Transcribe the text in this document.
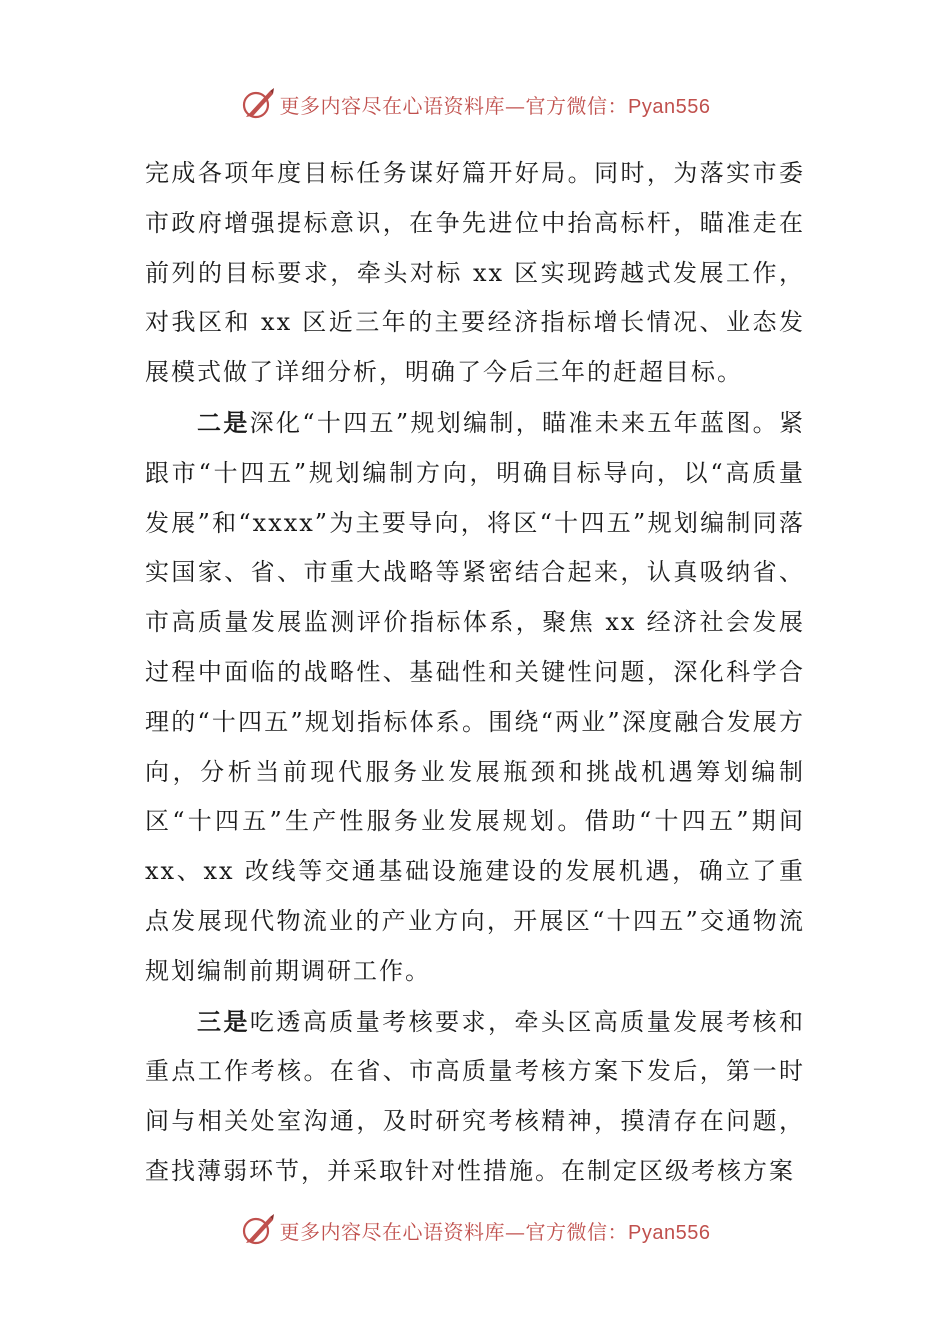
更多内容尽在心语资料库—官方微信：Pyan556

完成各项年度目标任务谋好篇开好局。同时，为落实市委市政府增强提标意识，在争先进位中抬高标杆，瞄准走在前列的目标要求，牵头对标 xx 区实现跨越式发展工作，对我区和 xx 区近三年的主要经济指标增长情况、业态发展模式做了详细分析，明确了今后三年的赶超目标。

二是深化“十四五”规划编制，瞄准未来五年蓝图。紧跟市“十四五”规划编制方向，明确目标导向，以“高质量发展”和“xxxx”为主要导向，将区“十四五”规划编制同落实国家、省、市重大战略等紧密结合起来，认真吸纳省、市高质量发展监测评价指标体系，聚焦 xx 经济社会发展过程中面临的战略性、基础性和关键性问题，深化科学合理的“十四五”规划指标体系。围绕“两业”深度融合发展方向，分析当前现代服务业发展瓶颈和挑战机遇筹划编制区“十四五”生产性服务业发展规划。借助“十四五”期间 xx、xx 改线等交通基础设施建设的发展机遇，确立了重点发展现代物流业的产业方向，开展区“十四五”交通物流规划编制前期调研工作。

三是吃透高质量考核要求，牵头区高质量发展考核和重点工作考核。在省、市高质量考核方案下发后，第一时间与相关处室沟通，及时研究考核精神，摸清存在问题，查找薄弱环节，并采取针对性措施。在制定区级考核方案

更多内容尽在心语资料库—官方微信：Pyan556
